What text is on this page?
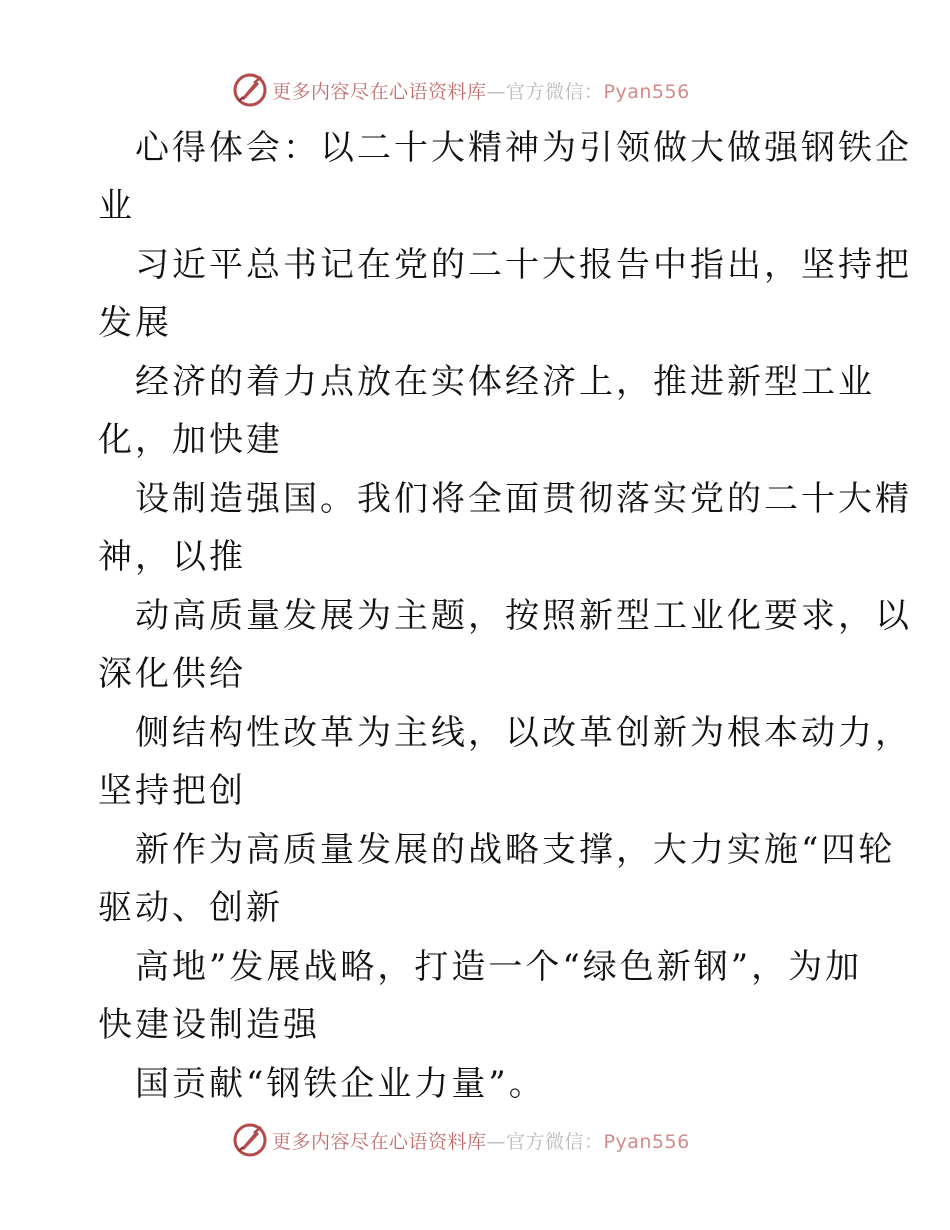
更多内容尽在心语资料库—官方微信：Pyan556
心得体会：以二十大精神为引领做大做强钢铁企
业
习近平总书记在党的二十大报告中指出，坚持把
发展
经济的着力点放在实体经济上，推进新型工业
化，加快建
设制造强国。我们将全面贯彻落实党的二十大精
神，以推
动高质量发展为主题，按照新型工业化要求，以
深化供给
侧结构性改革为主线，以改革创新为根本动力，
坚持把创
新作为高质量发展的战略支撑，大力实施“四轮
驱动、创新
高地”发展战略，打造一个“绿色新钢”，为加
快建设制造强
国贡献“钢铁企业力量”。
更多内容尽在心语资料库—官方微信：Pyan556
